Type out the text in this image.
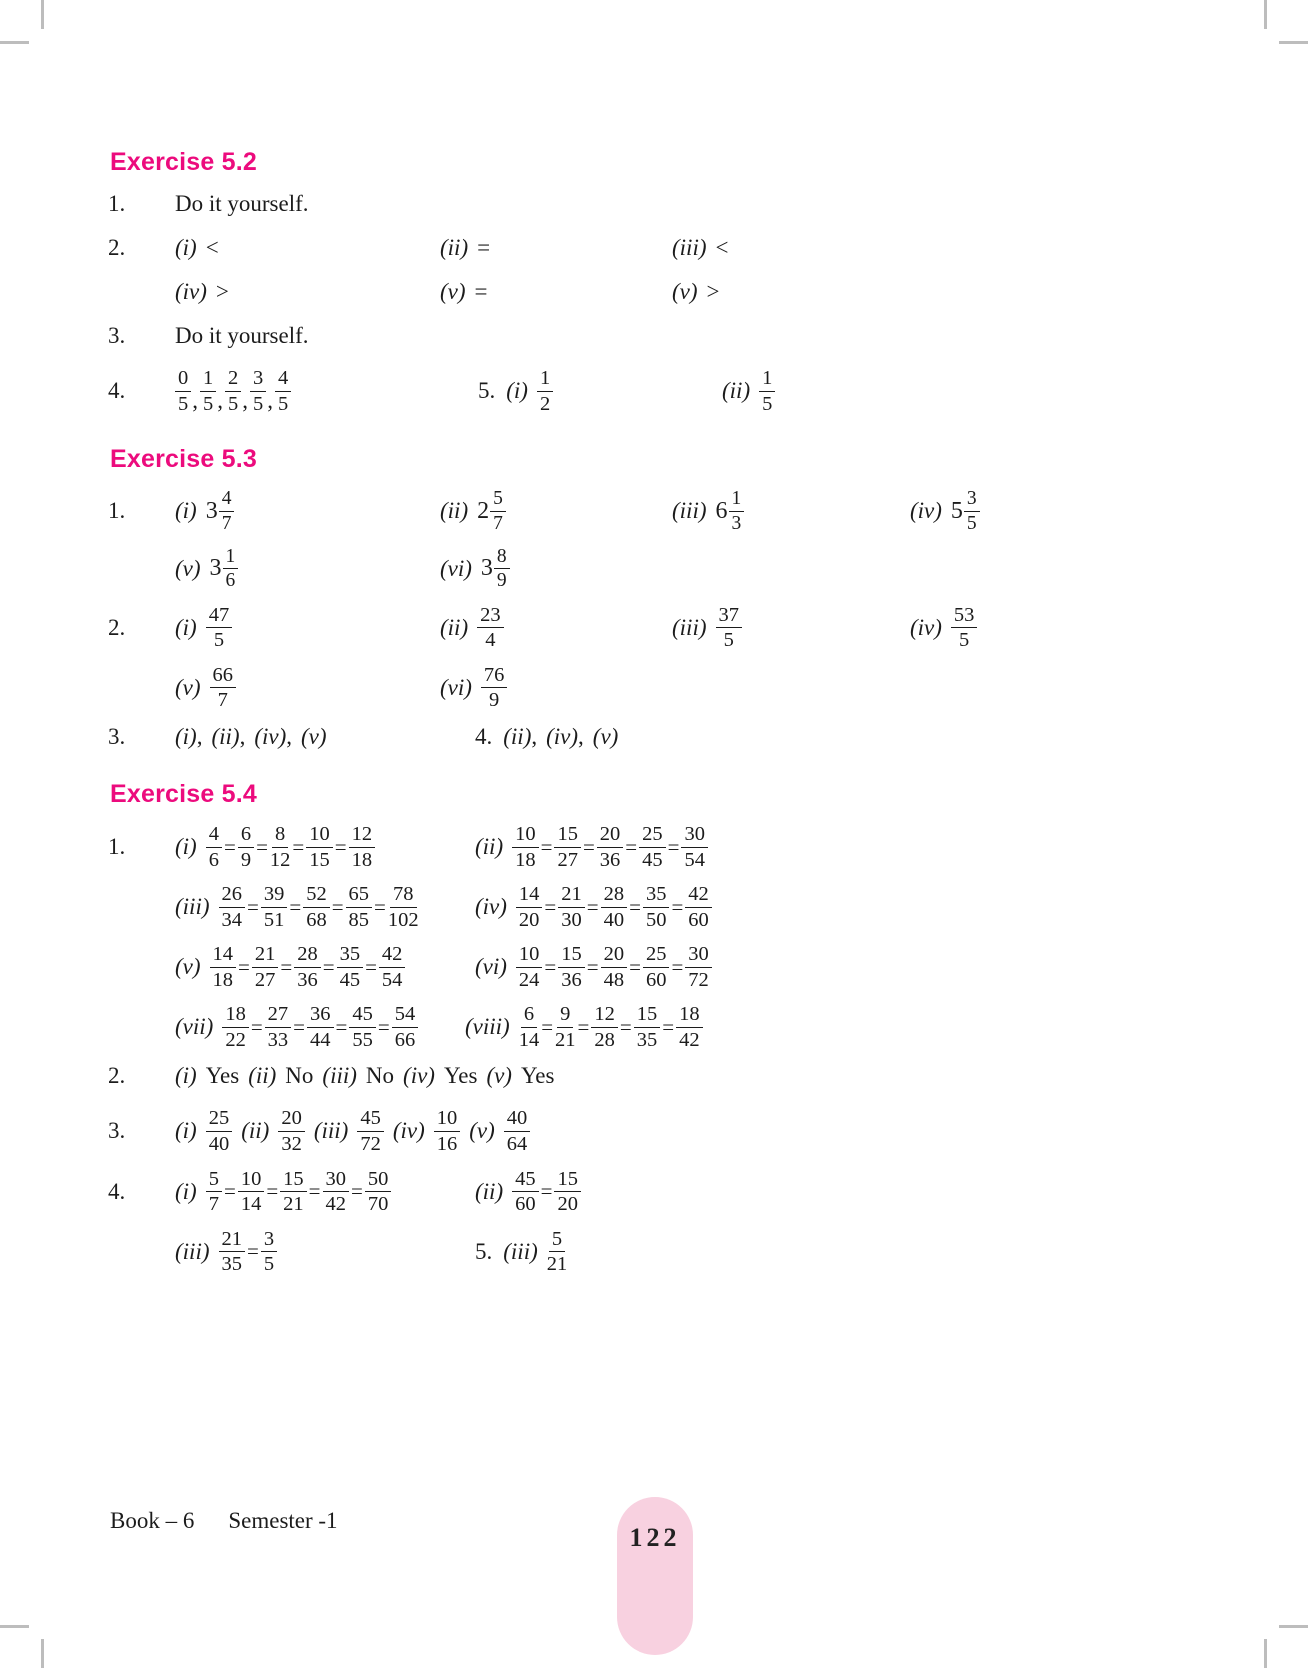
Exercise 5.2
1.	Do it yourself.
2.	(i) <	(ii) =	(iii) <
(iv) >	(v) =	(v) >
3.	Do it yourself.
4.	$\frac{0}{5}$ , $\frac{1}{5}$ , $\frac{2}{5}$ , $\frac{3}{5}$ , $\frac{4}{5}$	5. $(i) \frac{1}{2}$	$(ii) \frac{1}{5}$
Exercise 5.3
1.	(i) $3 \frac{4}{7}$	(ii) $2 \frac{5}{7}$	(iii) $6 \frac{1}{3}$	(iv) $5 \frac{3}{5}$
(v) $3 \frac{1}{6}$	(vi) $3 \frac{8}{9}$
2.	$(i) \frac{47}{5}$	$(ii) \frac{23}{4}$	$(iii) \frac{37}{5}$	$(iv) \frac{53}{5}$
$(v) \frac{66}{7}$	$(vi) \frac{76}{9}$
3.	(i) , (ii) , (iv) , (v)	4. (ii) , (iv) , (v)
Exercise 5.4
1.	$(i) \frac{4}{6} = \frac{6}{9} = \frac{8}{12} = \frac{10}{15} = \frac{12}{18}$	$(ii) \frac{10}{18} = \frac{15}{27} = \frac{20}{36} = \frac{25}{45} = \frac{30}{54}$
$(iii) \frac{26}{34} = \frac{39}{51} = \frac{52}{68} = \frac{65}{85} = \frac{78}{102} (iv) \frac{14}{20} = \frac{21}{30} = \frac{28}{40} = \frac{35}{50} = \frac{42}{60}$
$(v) \frac{14}{18} = \frac{21}{27} = \frac{28}{36} = \frac{35}{45} = \frac{42}{54}$	$(vi) \frac{10}{24} = \frac{15}{36} = \frac{20}{48} = \frac{25}{60} = \frac{30}{72}$
$(vii) \frac{18}{22} = \frac{27}{33} = \frac{36}{44} = \frac{45}{55} = \frac{54}{66}$ (viii) $\frac{6}{14} = \frac{9}{21} = \frac{12}{28} = \frac{15}{35} = \frac{18}{42}$
2.	(i) Yes (ii) No (iii) No (iv) Yes (v) Yes
3.	$(i) \frac{25}{40} (ii) \frac{20}{32} (iii) \frac{45}{72} (iv) \frac{10}{16} (v) \frac{40}{64}$
4.	$(i) \frac{5}{7} = \frac{10}{14} = \frac{15}{21} = \frac{30}{42} = \frac{50}{70}$	$(ii) \frac{45}{60} = \frac{15}{20}$
$(iii) \frac{21}{35} = \frac{3}{5}$	5. $(iii) \frac{5}{21}$
Book – 6 Semester -1
122
